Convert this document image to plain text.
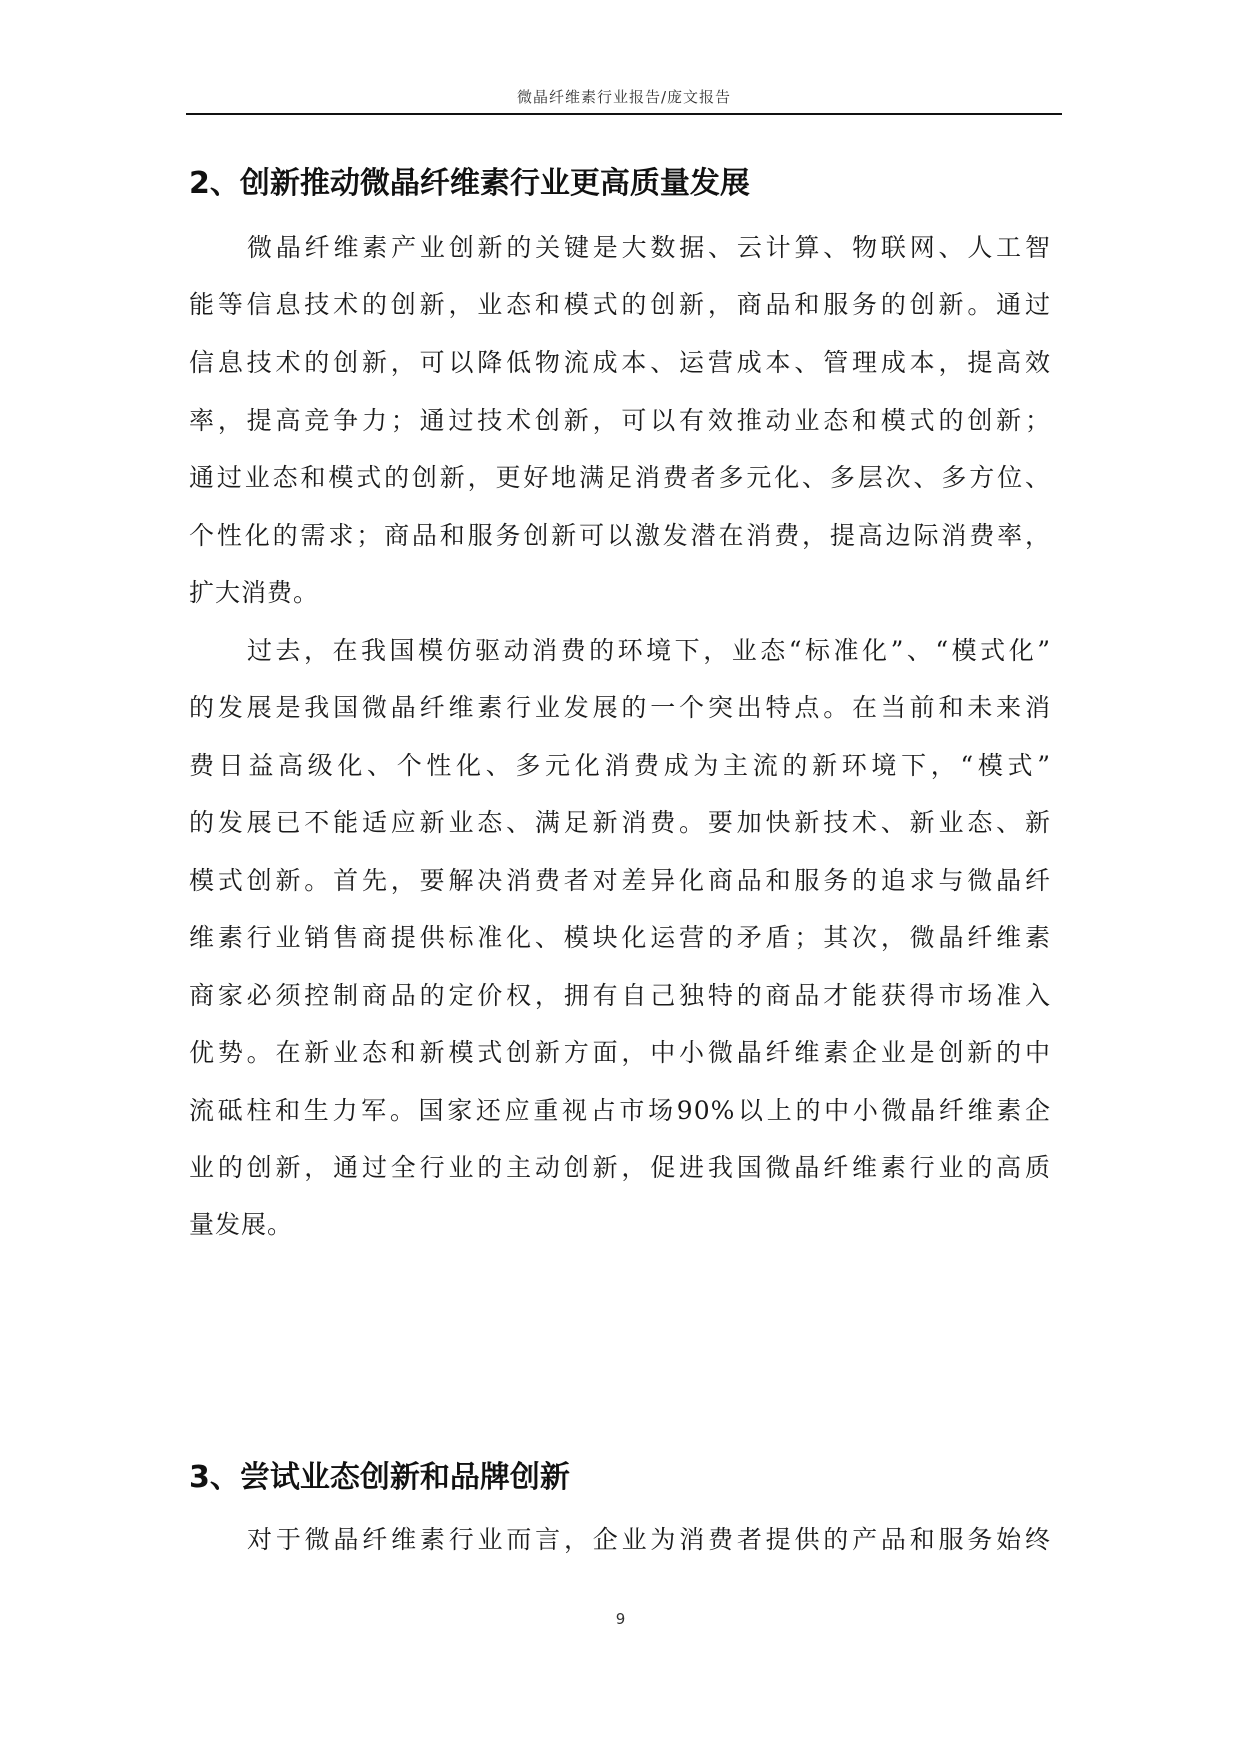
微晶纤维素行业报告/庞文报告
2、创新推动微晶纤维素行业更高质量发展
微晶纤维素产业创新的关键是大数据、云计算、物联网、人工智
能等信息技术的创新，业态和模式的创新，商品和服务的创新。通过
信息技术的创新，可以降低物流成本、运营成本、管理成本，提高效
率，提高竞争力；通过技术创新，可以有效推动业态和模式的创新；
通过业态和模式的创新，更好地满足消费者多元化、多层次、多方位、
个性化的需求；商品和服务创新可以激发潜在消费，提高边际消费率，
扩大消费。
过去，在我国模仿驱动消费的环境下，业态“标准化”、“模式化”
的发展是我国微晶纤维素行业发展的一个突出特点。在当前和未来消
费日益高级化、个性化、多元化消费成为主流的新环境下，“模式”
的发展已不能适应新业态、满足新消费。要加快新技术、新业态、新
模式创新。首先，要解决消费者对差异化商品和服务的追求与微晶纤
维素行业销售商提供标准化、模块化运营的矛盾；其次，微晶纤维素
商家必须控制商品的定价权，拥有自己独特的商品才能获得市场准入
优势。在新业态和新模式创新方面，中小微晶纤维素企业是创新的中
流砥柱和生力军。国家还应重视占市场90%以上的中小微晶纤维素企
业的创新，通过全行业的主动创新，促进我国微晶纤维素行业的高质
量发展。
3、尝试业态创新和品牌创新
对于微晶纤维素行业而言，企业为消费者提供的产品和服务始终
9
